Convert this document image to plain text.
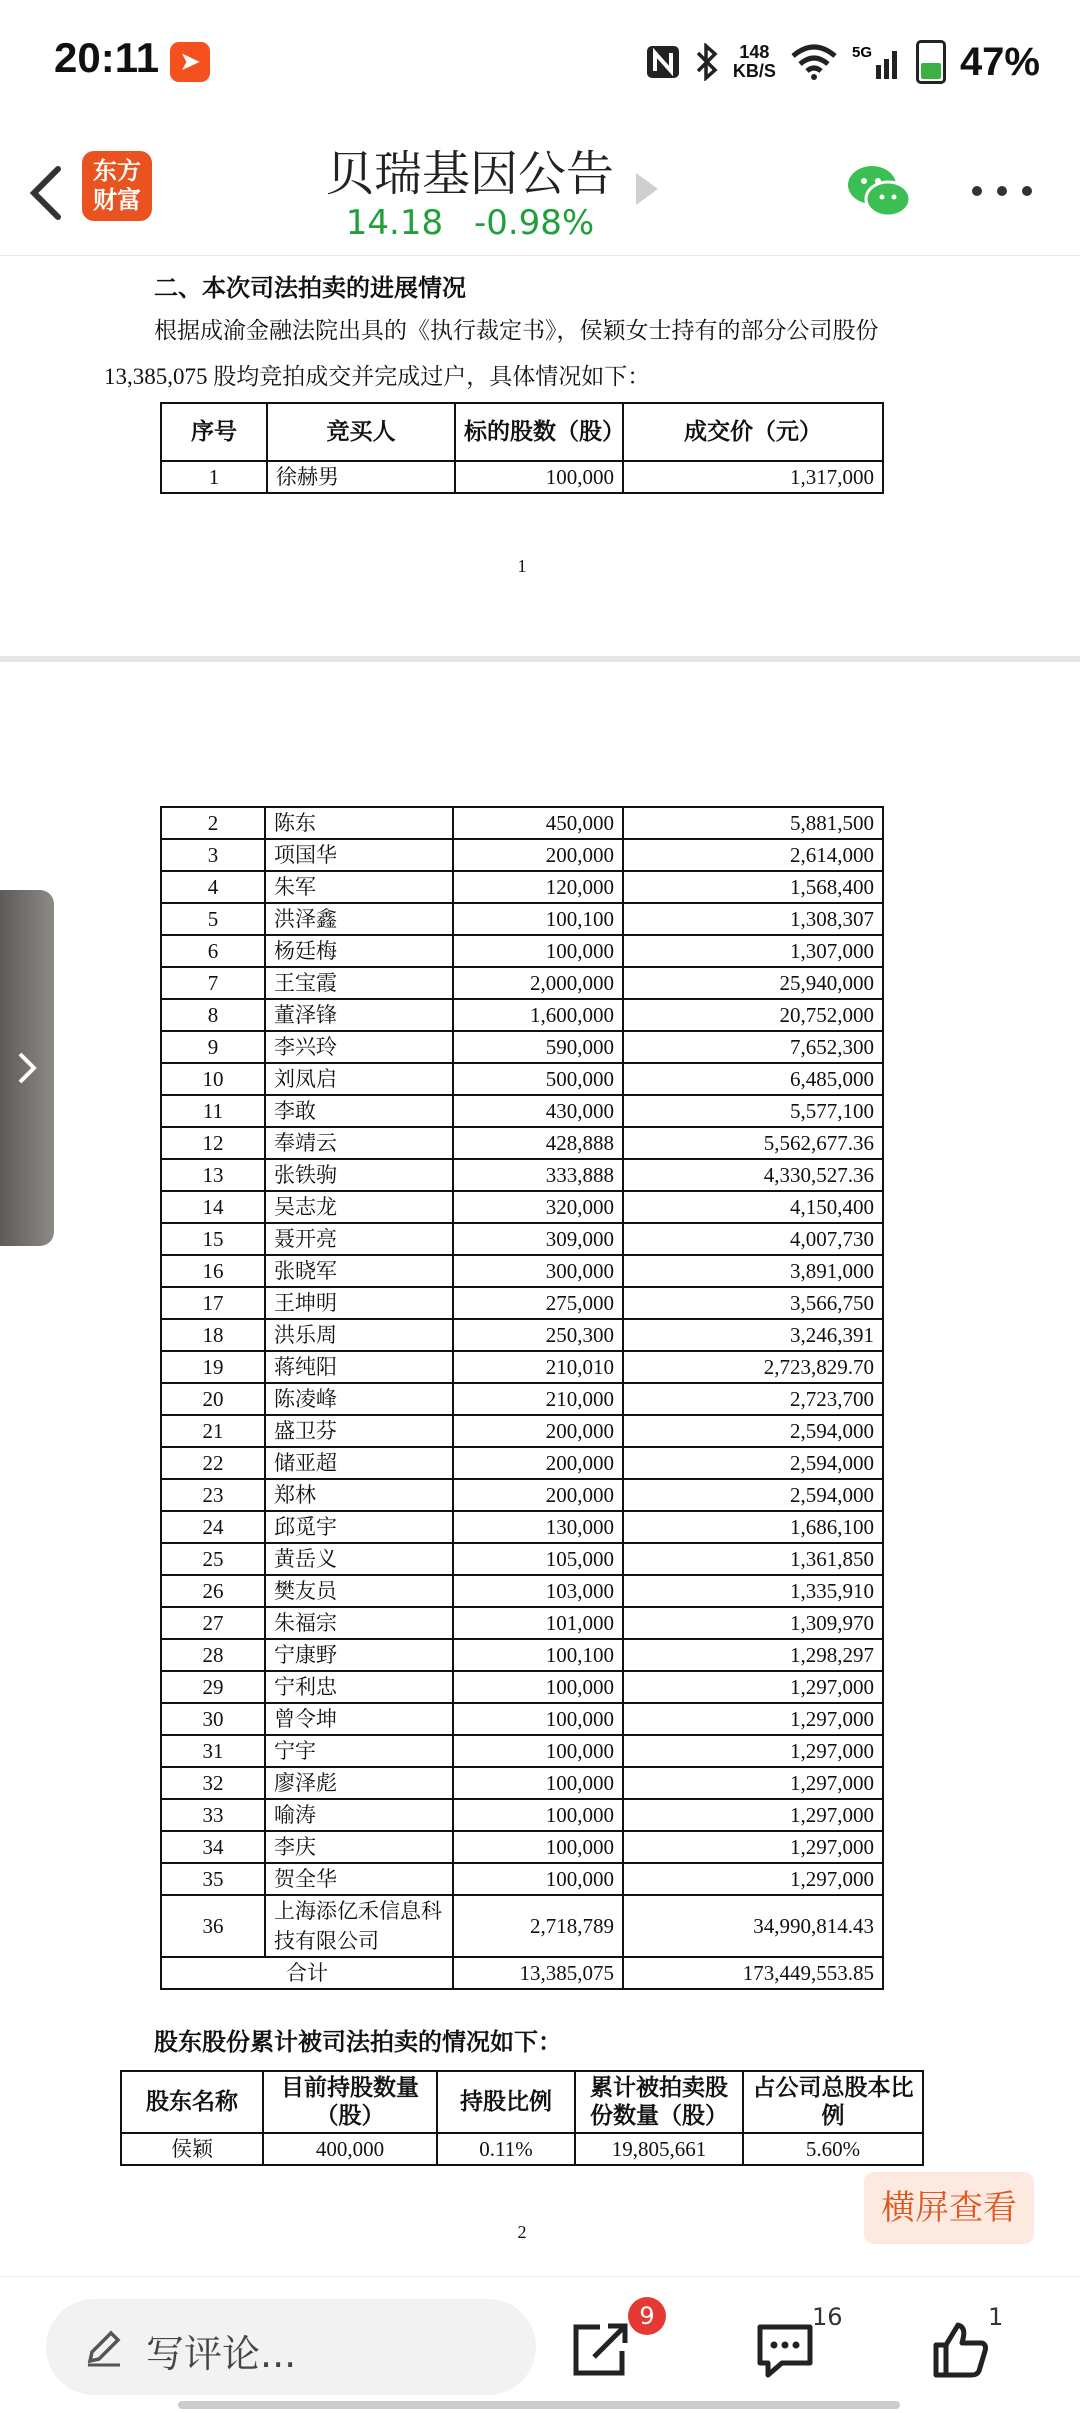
20:11 ➤	148
KB/S
5G 47%
东方
财富	贝瑞基因公告
14.18 -0.98%
二、本次司法拍卖的进展情况
根据成渝金融法院出具的《执行裁定书》，侯颖女士持有的部分公司股份13,385,075 股均竞拍成交并完成过户，具体情况如下：
序号	竞买人	标的股数（股）	成交价（元）
1	徐赫男	100,000	1,317,000
1
2	陈东	450,000	5,881,500
3	项国华	200,000	2,614,000
4	朱军	120,000	1,568,400
5	洪泽鑫	100,100	1,308,307
6	杨廷梅	100,000	1,307,000
7	王宝霞	2,000,000	25,940,000
8	董泽锋	1,600,000	20,752,000
9	李兴玲	590,000	7,652,300
10	刘凤启	500,000	6,485,000
11	李敢	430,000	5,577,100
12	奉靖云	428,888	5,562,677.36
13	张铁驹	333,888	4,330,527.36
14	吴志龙	320,000	4,150,400
15	聂开亮	309,000	4,007,730
16	张晓军	300,000	3,891,000
17	王坤明	275,000	3,566,750
18	洪乐周	250,300	3,246,391
19	蒋纯阳	210,010	2,723,829.70
20	陈凌峰	210,000	2,723,700
21	盛卫芬	200,000	2,594,000
22	储亚超	200,000	2,594,000
23	郑林	200,000	2,594,000
24	邱觅宇	130,000	1,686,100
25	黄岳义	105,000	1,361,850
26	樊友员	103,000	1,335,910
27	朱福宗	101,000	1,309,970
28	宁康野	100,100	1,298,297
29	宁利忠	100,000	1,297,000
30	曾令坤	100,000	1,297,000
31	宁宇	100,000	1,297,000
32	廖泽彪	100,000	1,297,000
33	喻涛	100,000	1,297,000
34	李庆	100,000	1,297,000
35	贺全华	100,000	1,297,000
36	上海添亿禾信息科技有限公司	2,718,789	34,990,814.43
合计		13,385,075	173,449,553.85
股东股份累计被司法拍卖的情况如下：
股东名称	目前持股数量（股）	持股比例	累计被拍卖股份数量（股）	占公司总股本比例
侯颖	400,000	0.11%	19,805,661	5.60%
2
横屏查看
写评论...
9	16	1
